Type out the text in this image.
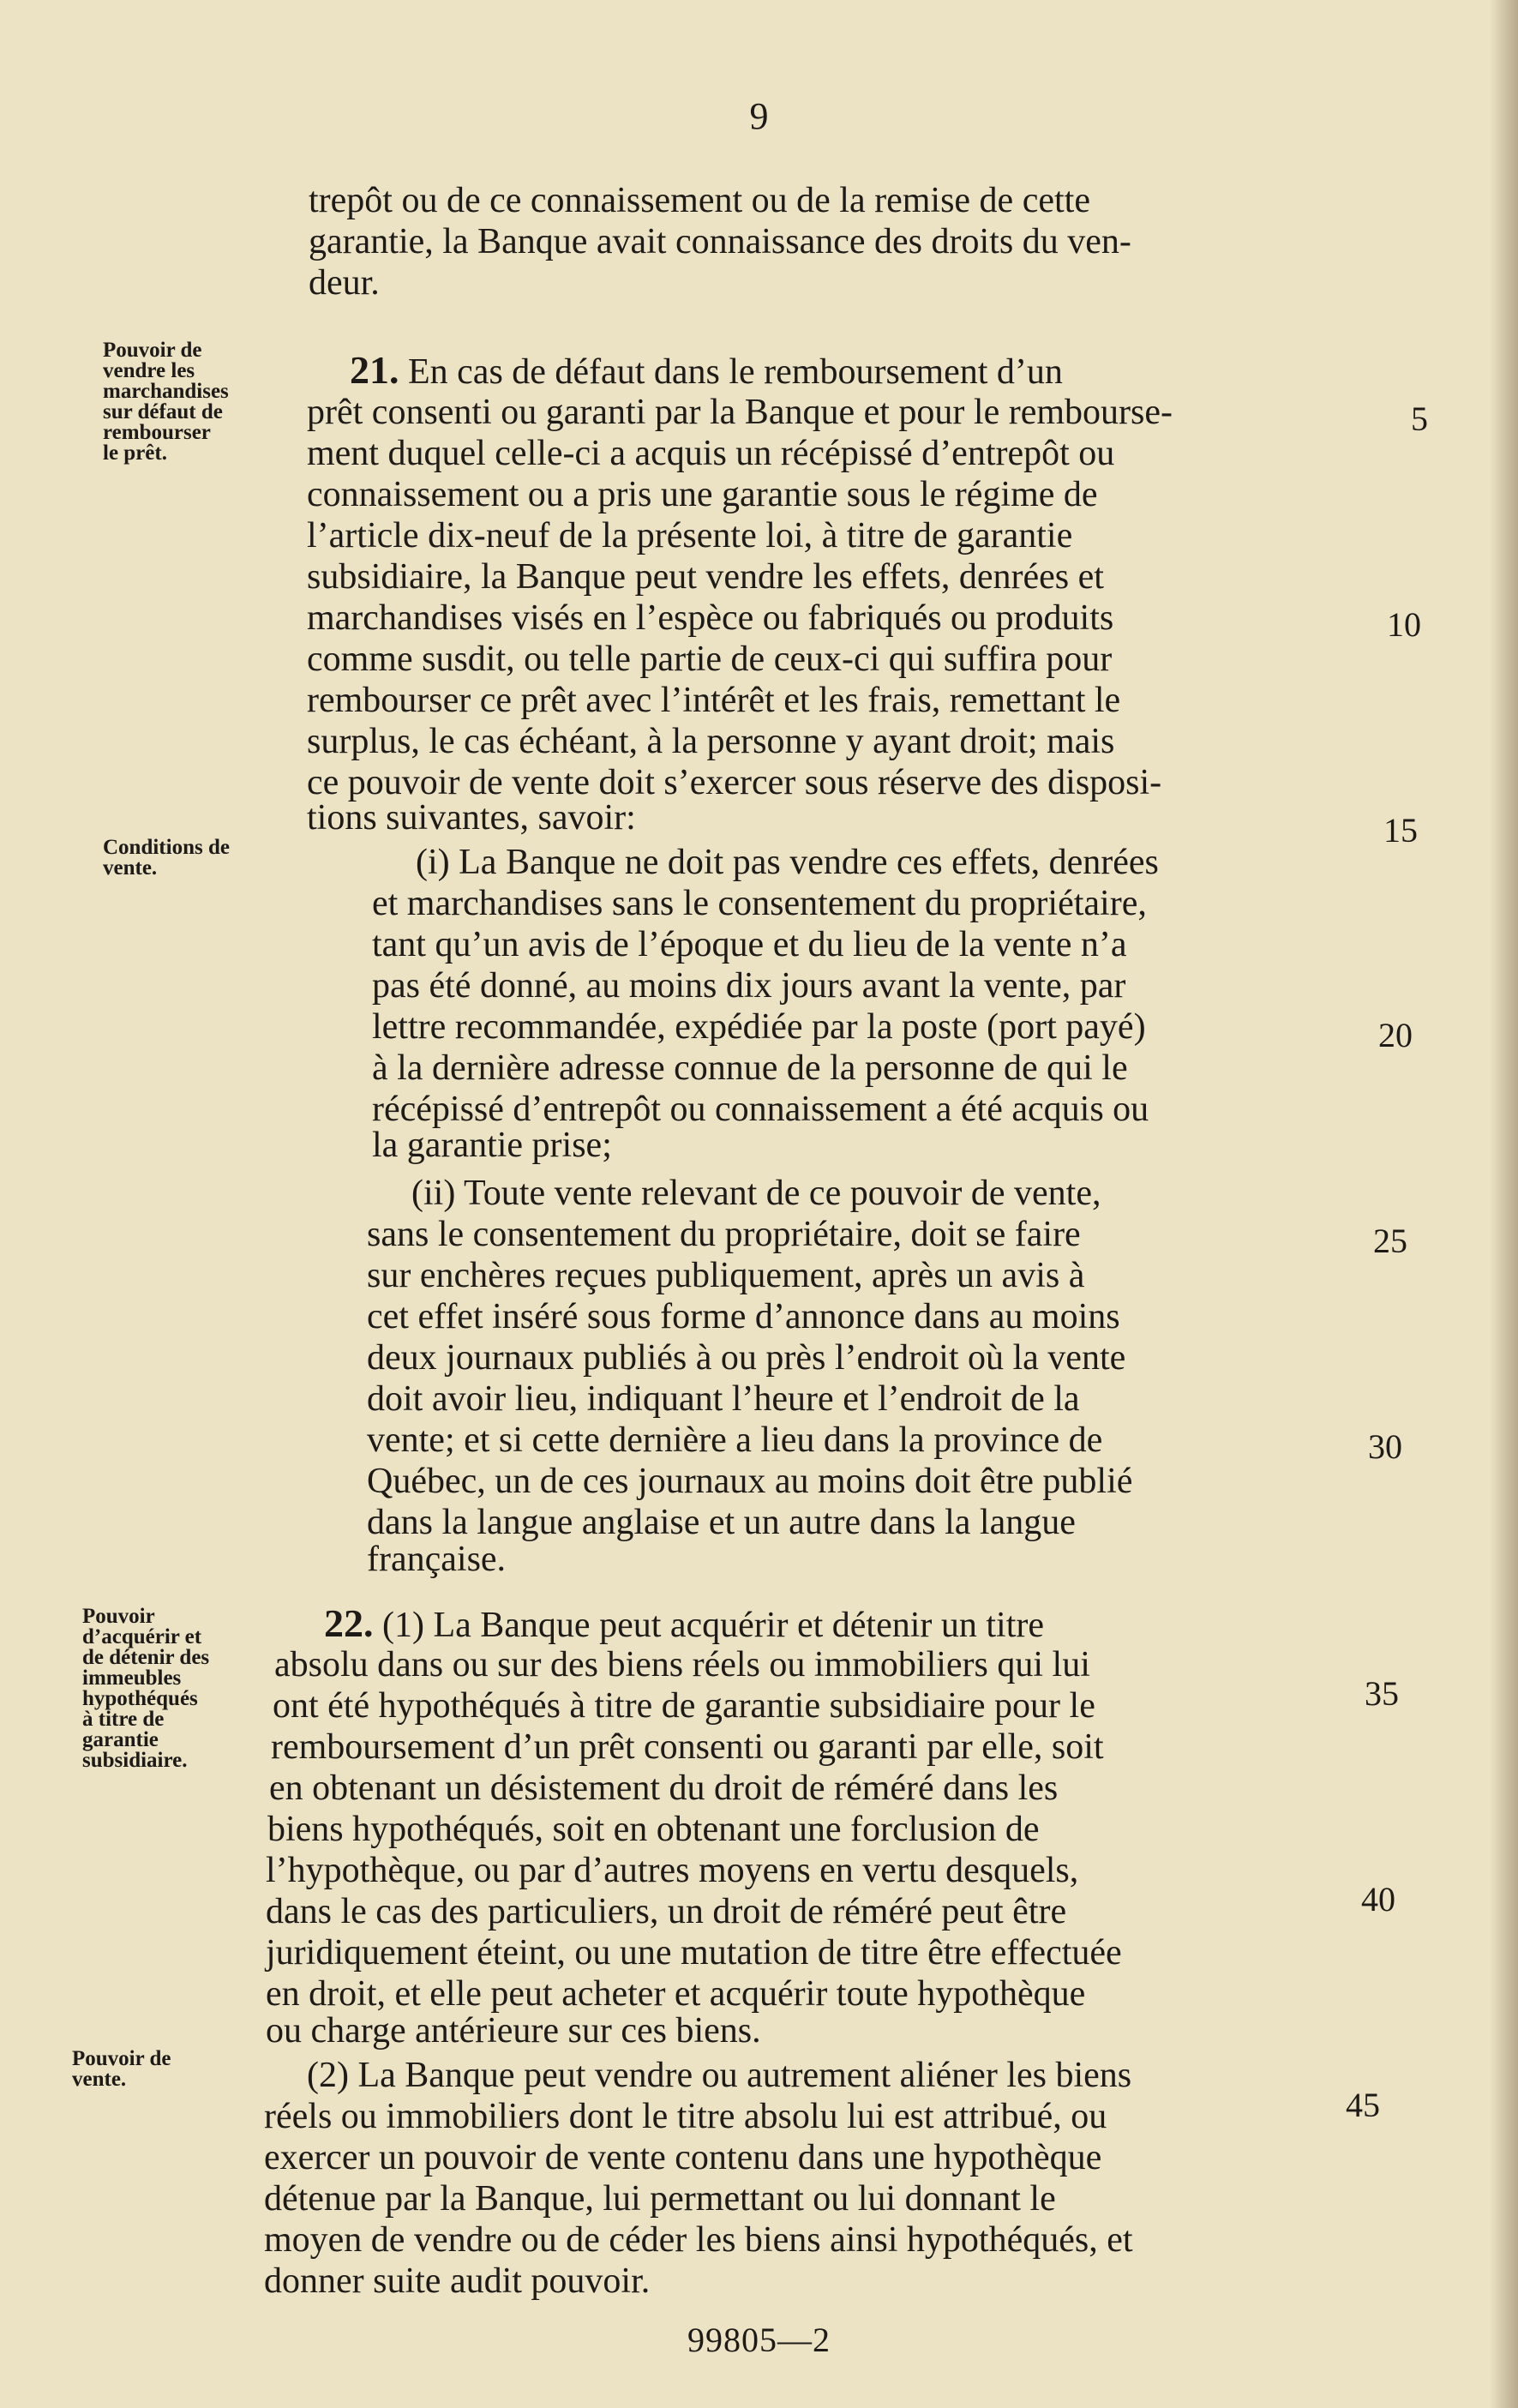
9
Pouvoir de
vendre les
marchandises
sur défaut de
rembourser
le prêt.
Conditions de
vente.
Pouvoir
d’acquérir et
de détenir des
immeubles
hypothéqués
à titre de
garantie
subsidiaire.
Pouvoir de
vente.
trepôt ou de ce connaissement ou de la remise de cette
garantie, la Banque avait connaissance des droits du ven-
deur.
21. En cas de défaut dans le remboursement d’un
prêt consenti ou garanti par la Banque et pour le rembourse-
ment duquel celle-ci a acquis un récépissé d’entrepôt ou
connaissement ou a pris une garantie sous le régime de
l’article dix-neuf de la présente loi, à titre de garantie
subsidiaire, la Banque peut vendre les effets, denrées et
marchandises visés en l’espèce ou fabriqués ou produits
comme susdit, ou telle partie de ceux-ci qui suffira pour
rembourser ce prêt avec l’intérêt et les frais, remettant le
surplus, le cas échéant, à la personne y ayant droit; mais
ce pouvoir de vente doit s’exercer sous réserve des disposi-
tions suivantes, savoir:
(i) La Banque ne doit pas vendre ces effets, denrées
et marchandises sans le consentement du propriétaire,
tant qu’un avis de l’époque et du lieu de la vente n’a
pas été donné, au moins dix jours avant la vente, par
lettre recommandée, expédiée par la poste (port payé)
à la dernière adresse connue de la personne de qui le
récépissé d’entrepôt ou connaissement a été acquis ou
la garantie prise;
(ii) Toute vente relevant de ce pouvoir de vente,
sans le consentement du propriétaire, doit se faire
sur enchères reçues publiquement, après un avis à
cet effet inséré sous forme d’annonce dans au moins
deux journaux publiés à ou près l’endroit où la vente
doit avoir lieu, indiquant l’heure et l’endroit de la
vente; et si cette dernière a lieu dans la province de
Québec, un de ces journaux au moins doit être publié
dans la langue anglaise et un autre dans la langue
française.
22. (1) La Banque peut acquérir et détenir un titre
absolu dans ou sur des biens réels ou immobiliers qui lui
ont été hypothéqués à titre de garantie subsidiaire pour le
remboursement d’un prêt consenti ou garanti par elle, soit
en obtenant un désistement du droit de réméré dans les
biens hypothéqués, soit en obtenant une forclusion de
l’hypothèque, ou par d’autres moyens en vertu desquels,
dans le cas des particuliers, un droit de réméré peut être
juridiquement éteint, ou une mutation de titre être effectuée
en droit, et elle peut acheter et acquérir toute hypothèque
ou charge antérieure sur ces biens.
(2) La Banque peut vendre ou autrement aliéner les biens
réels ou immobiliers dont le titre absolu lui est attribué, ou
exercer un pouvoir de vente contenu dans une hypothèque
détenue par la Banque, lui permettant ou lui donnant le
moyen de vendre ou de céder les biens ainsi hypothéqués, et
donner suite audit pouvoir.
5
10
15
20
25
30
35
40
45
99805—2
